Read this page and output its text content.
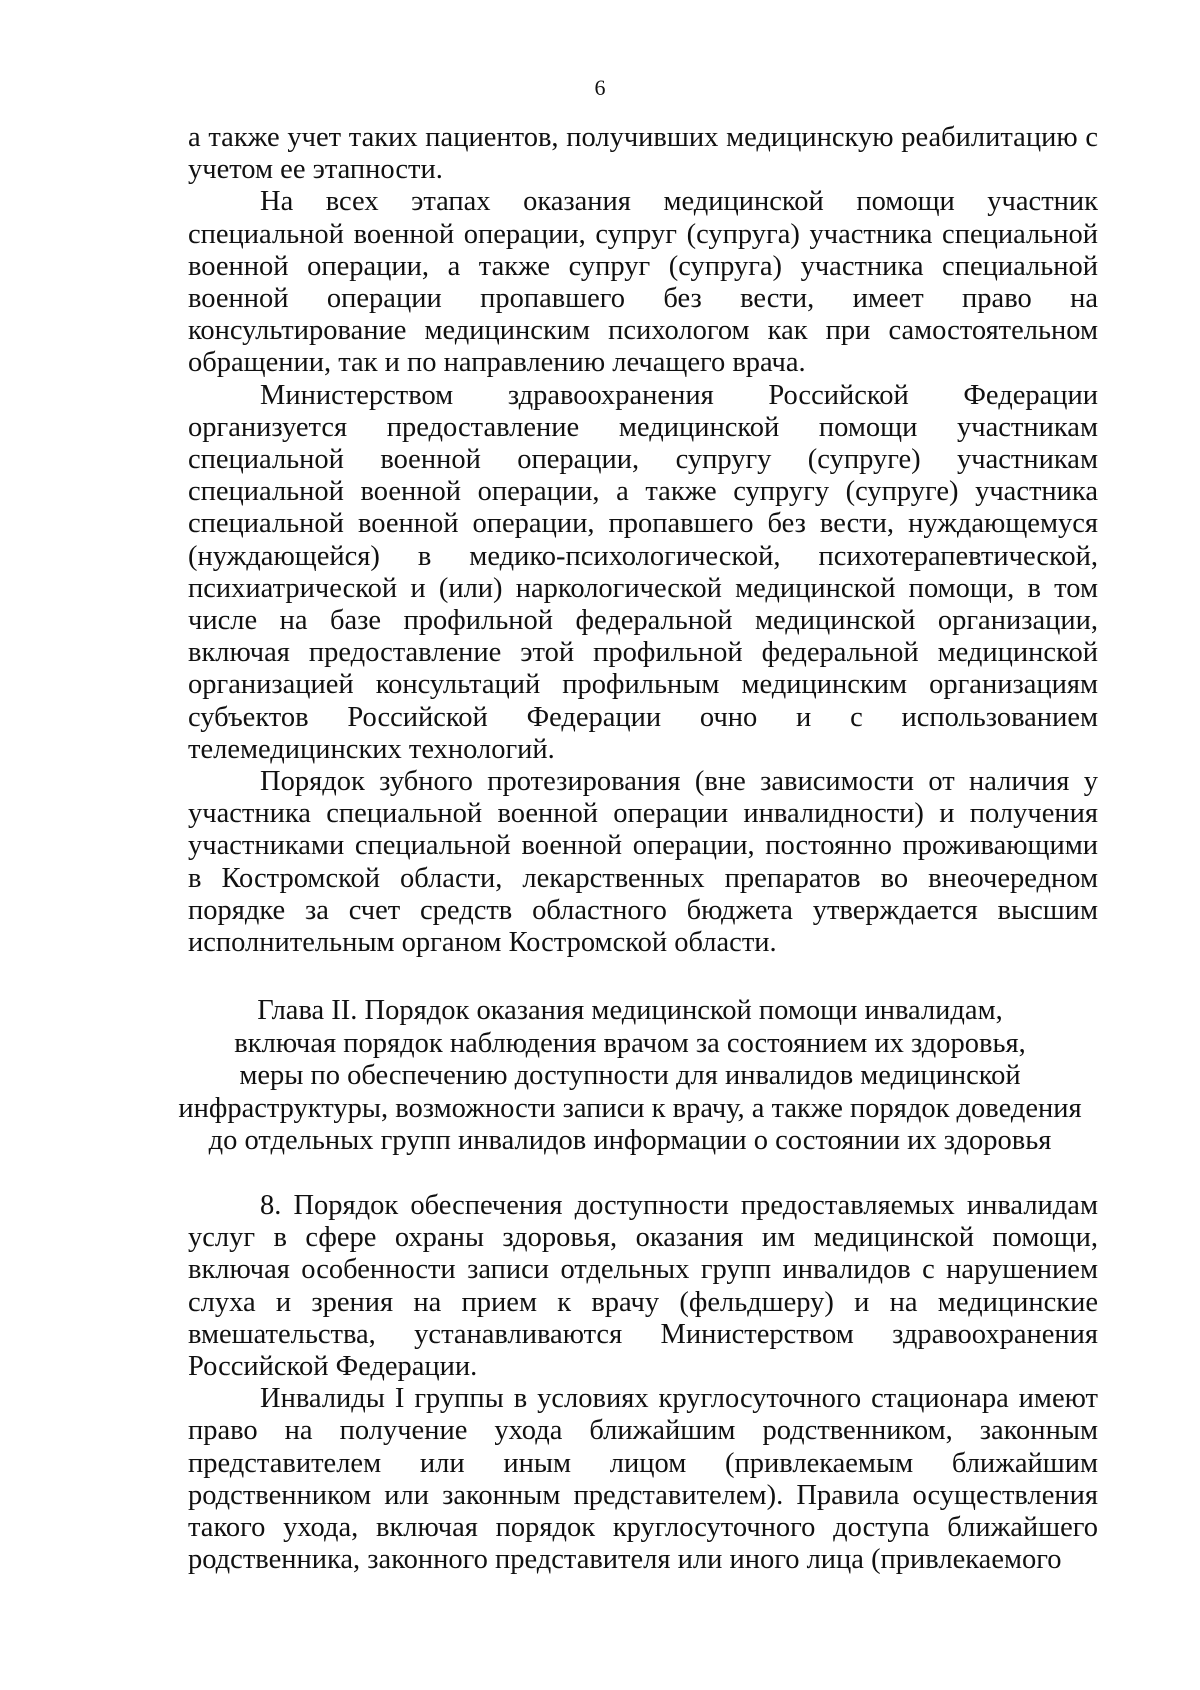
6

а также учет таких пациентов, получивших медицинскую реабилитацию с учетом ее этапности.

На всех этапах оказания медицинской помощи участник специальной военной операции, супруг (супруга) участника специальной военной операции, а также супруг (супруга) участника специальной военной операции пропавшего без вести, имеет право на консультирование медицинским психологом как при самостоятельном обращении, так и по направлению лечащего врача.

Министерством здравоохранения Российской Федерации организуется предоставление медицинской помощи участникам специальной военной операции, супругу (супруге) участникам специальной военной операции, а также супругу (супруге) участника специальной военной операции, пропавшего без вести, нуждающемуся (нуждающейся) в медико-психологической, психотерапевтической, психиатрической и (или) наркологической медицинской помощи, в том числе на базе профильной федеральной медицинской организации, включая предоставление этой профильной федеральной медицинской организацией консультаций профильным медицинским организациям субъектов Российской Федерации очно и с использованием телемедицинских технологий.

Порядок зубного протезирования (вне зависимости от наличия у участника специальной военной операции инвалидности) и получения участниками специальной военной операции, постоянно проживающими в Костромской области, лекарственных препаратов во внеочередном порядке за счет средств областного бюджета утверждается высшим исполнительным органом Костромской области.

Глава II. Порядок оказания медицинской помощи инвалидам,
включая порядок наблюдения врачом за состоянием их здоровья,
меры по обеспечению доступности для инвалидов медицинской
инфраструктуры, возможности записи к врачу, а также порядок доведения
до отдельных групп инвалидов информации о состоянии их здоровья

8. Порядок обеспечения доступности предоставляемых инвалидам услуг в сфере охраны здоровья, оказания им медицинской помощи, включая особенности записи отдельных групп инвалидов с нарушением слуха и зрения на прием к врачу (фельдшеру) и на медицинские вмешательства, устанавливаются Министерством здравоохранения Российской Федерации.

Инвалиды I группы в условиях круглосуточного стационара имеют право на получение ухода ближайшим родственником, законным представителем или иным лицом (привлекаемым ближайшим родственником или законным представителем). Правила осуществления такого ухода, включая порядок круглосуточного доступа ближайшего родственника, законного представителя или иного лица (привлекаемого
